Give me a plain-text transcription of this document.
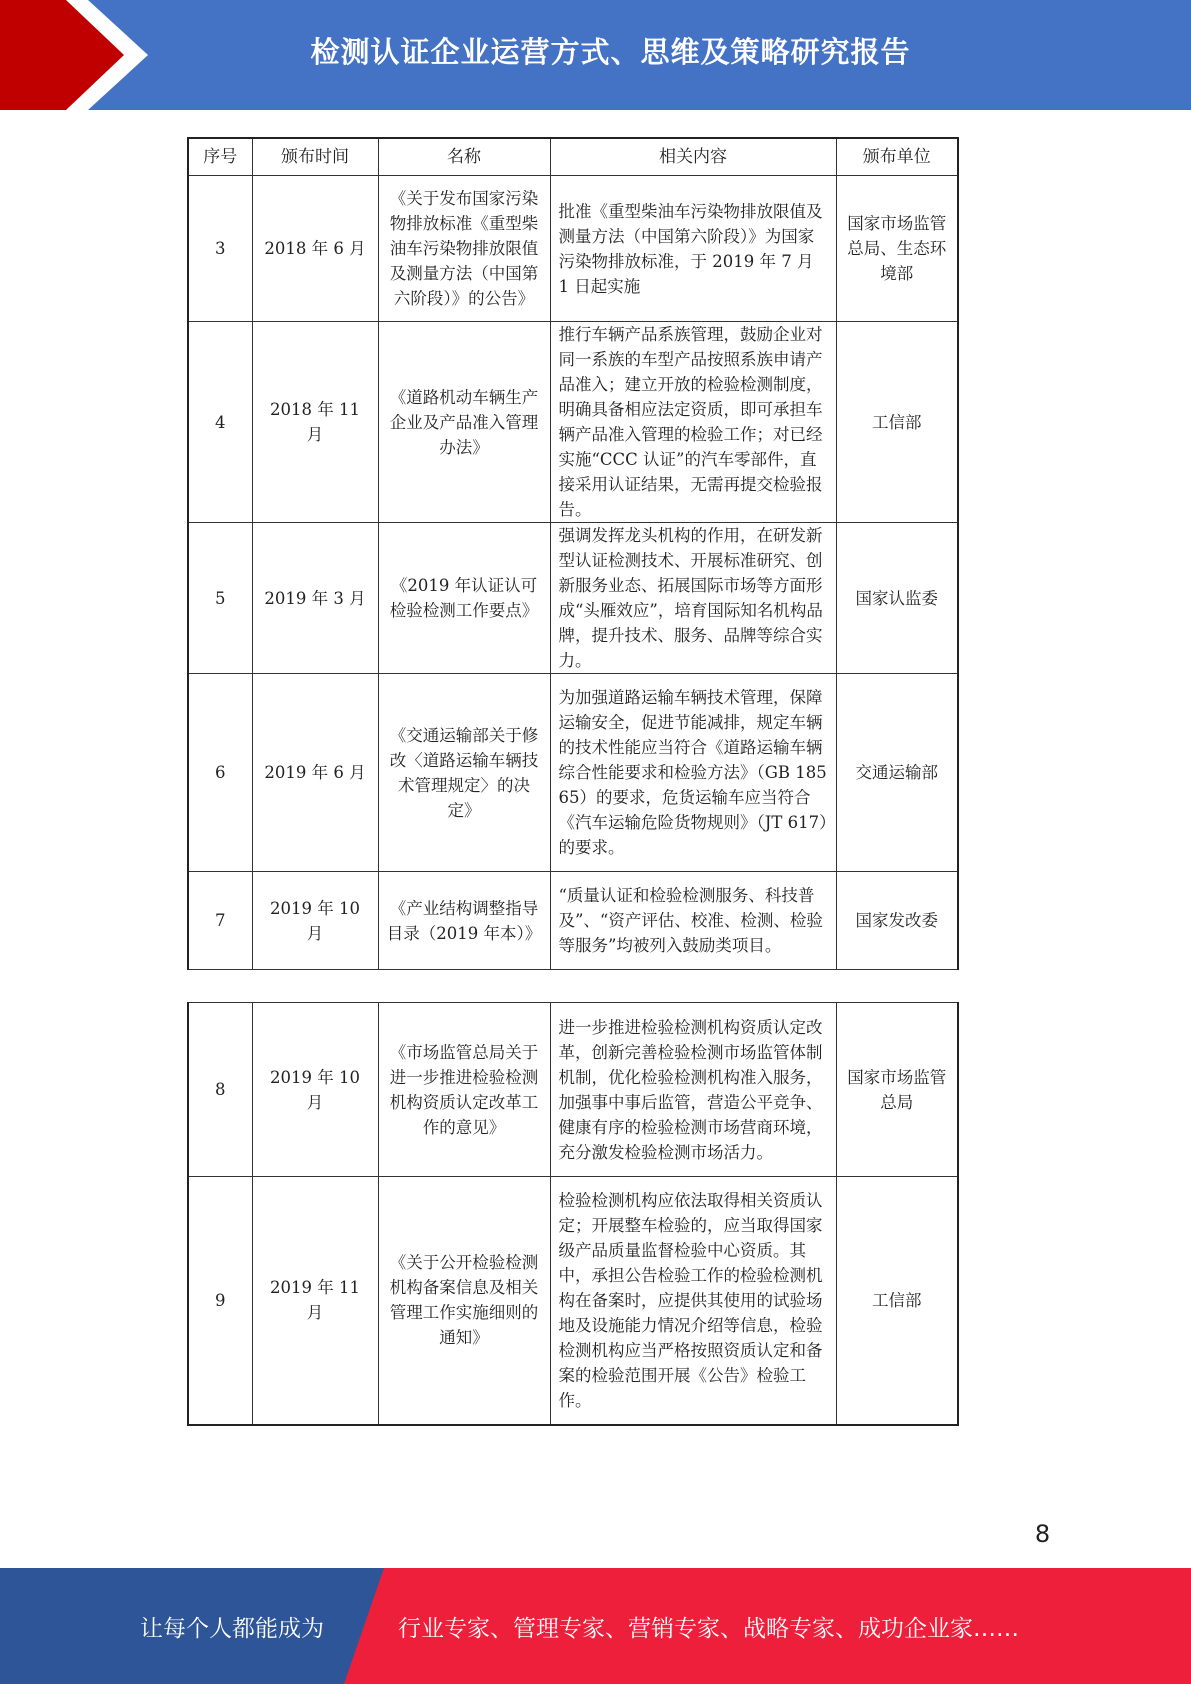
检测认证企业运营方式、思维及策略研究报告
序号	颁布时间	名称	相关内容	颁布单位
3	2018 年 6 月	《关于发布国家污染物排放标准《重型柴油车污染物排放限值及测量方法（中国第六阶段）》的公告》	批准《重型柴油车污染物排放限值及测量方法（中国第六阶段）》为国家污染物排放标准，于 2019 年 7 月 1 日起实施	国家市场监管总局、生态环境部
4	2018 年 11 月	《道路机动车辆生产企业及产品准入管理办法》	推行车辆产品系族管理，鼓励企业对同一系族的车型产品按照系族申请产品准入；建立开放的检验检测制度，明确具备相应法定资质，即可承担车辆产品准入管理的检验工作；对已经实施“CCC 认证”的汽车零部件，直接采用认证结果，无需再提交检验报告。	工信部
5	2019 年 3 月	《2019 年认证认可检验检测工作要点》	强调发挥龙头机构的作用，在研发新型认证检测技术、开展标准研究、创新服务业态、拓展国际市场等方面形成“头雁效应”，培育国际知名机构品牌，提升技术、服务、品牌等综合实力。	国家认监委
6	2019 年 6 月	《交通运输部关于修改〈道路运输车辆技术管理规定〉的决定》	为加强道路运输车辆技术管理，保障运输安全，促进节能减排，规定车辆的技术性能应当符合《道路运输车辆综合性能要求和检验方法》（GB 18565）的要求，危货运输车应当符合《汽车运输危险货物规则》（JT 617）的要求。	交通运输部
7	2019 年 10 月	《产业结构调整指导目录（2019 年本）》	“质量认证和检验检测服务、科技普及”、“资产评估、校准、检测、检验等服务”均被列入鼓励类项目。	国家发改委
8	2019 年 10 月	《市场监管总局关于进一步推进检验检测机构资质认定改革工作的意见》	进一步推进检验检测机构资质认定改革，创新完善检验检测市场监管体制机制，优化检验检测机构准入服务，加强事中事后监管，营造公平竞争、健康有序的检验检测市场营商环境，充分激发检验检测市场活力。	国家市场监管总局
9	2019 年 11 月	《关于公开检验检测机构备案信息及相关管理工作实施细则的通知》	检验检测机构应依法取得相关资质认定；开展整车检验的，应当取得国家级产品质量监督检验中心资质。其中，承担公告检验工作的检验检测机构在备案时，应提供其使用的试验场地及设施能力情况介绍等信息，检验检测机构应当严格按照资质认定和备案的检验范围开展《公告》检验工作。	工信部
8
让每个人都能成为	行业专家、管理专家、营销专家、战略专家、成功企业家……
